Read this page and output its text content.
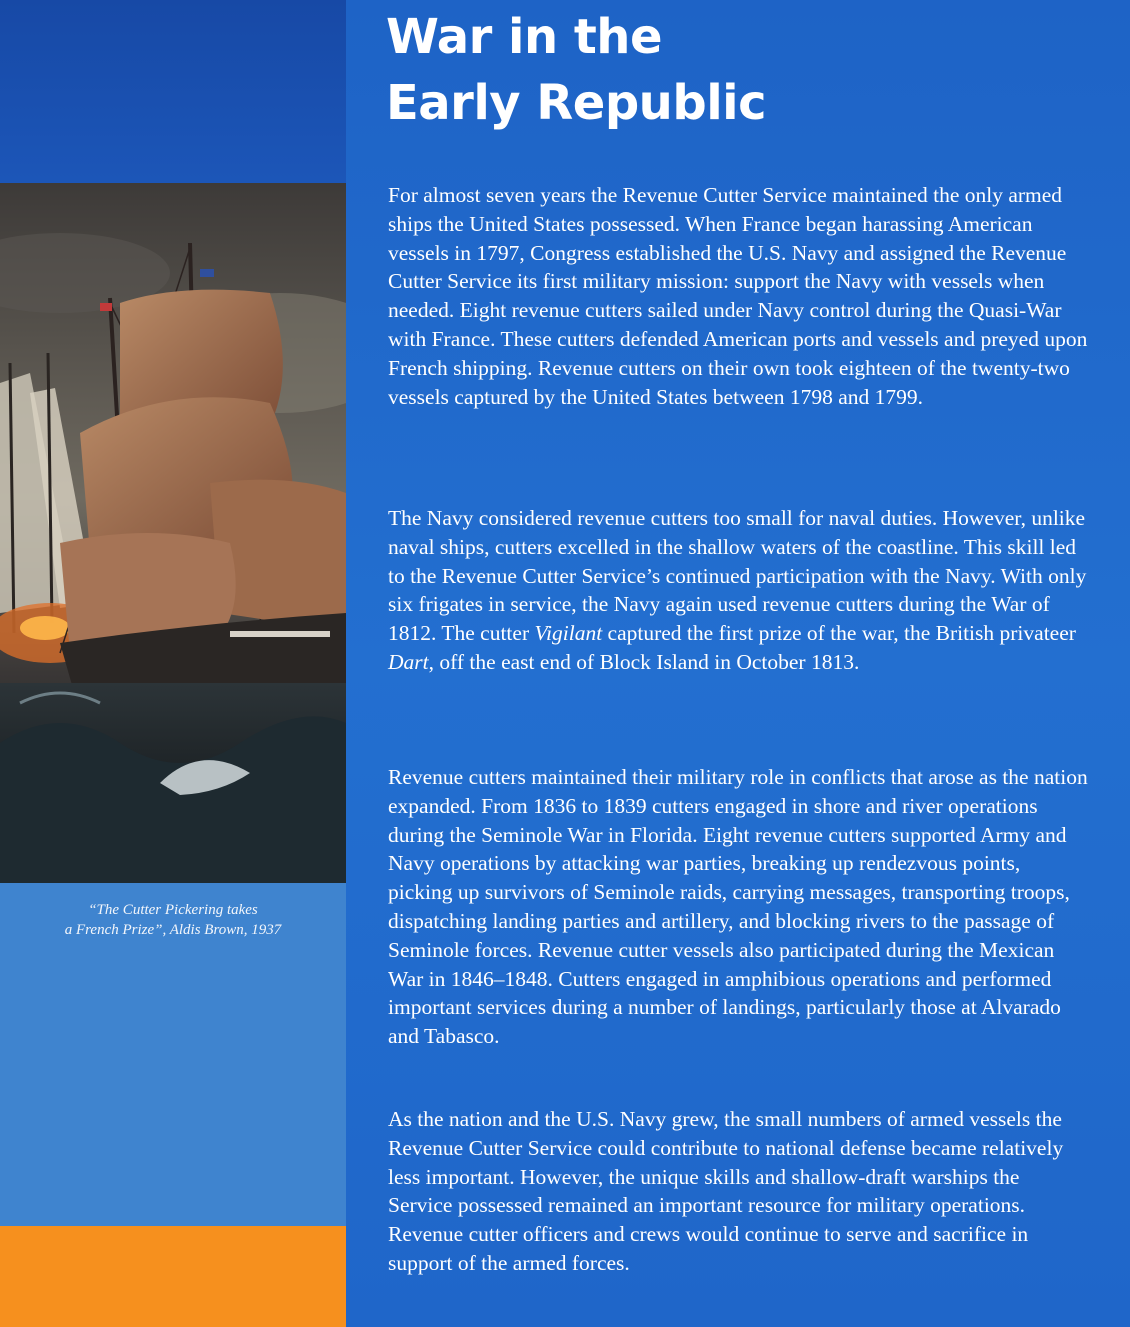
“The Cutter Pickering takes
a French Prize”, Aldis Brown, 1937
War in the
Early Republic

For almost seven years the Revenue Cutter Service maintained the only armed ships the United States possessed. When France began harassing American vessels in 1797, Congress established the U.S. Navy and assigned the Revenue Cutter Service its first military mission: support the Navy with vessels when needed. Eight revenue cutters sailed under Navy control during the Quasi-War with France. These cutters defended American ports and vessels and preyed upon French shipping. Revenue cutters on their own took eighteen of the twenty-two vessels captured by the United States between 1798 and 1799.

The Navy considered revenue cutters too small for naval duties. However, unlike naval ships, cutters excelled in the shallow waters of the coastline. This skill led to the Revenue Cutter Service’s continued participation with the Navy. With only six frigates in service, the Navy again used revenue cutters during the War of 1812. The cutter Vigilant captured the first prize of the war, the British privateer Dart, off the east end of Block Island in October 1813.

Revenue cutters maintained their military role in conflicts that arose as the nation expanded. From 1836 to 1839 cutters engaged in shore and river operations during the Seminole War in Florida. Eight revenue cutters supported Army and Navy operations by attacking war parties, breaking up rendezvous points, picking up survivors of Seminole raids, carrying messages, transporting troops, dispatching landing parties and artillery, and blocking rivers to the passage of Seminole forces. Revenue cutter vessels also participated during the Mexican War in 1846–1848. Cutters engaged in amphibious operations and performed important services during a number of landings, particularly those at Alvarado and Tabasco.

As the nation and the U.S. Navy grew, the small numbers of armed vessels the Revenue Cutter Service could contribute to national defense became relatively less important. However, the unique skills and shallow-draft warships the Service possessed remained an important resource for military operations. Revenue cutter officers and crews would continue to serve and sacrifice in support of the armed forces.
